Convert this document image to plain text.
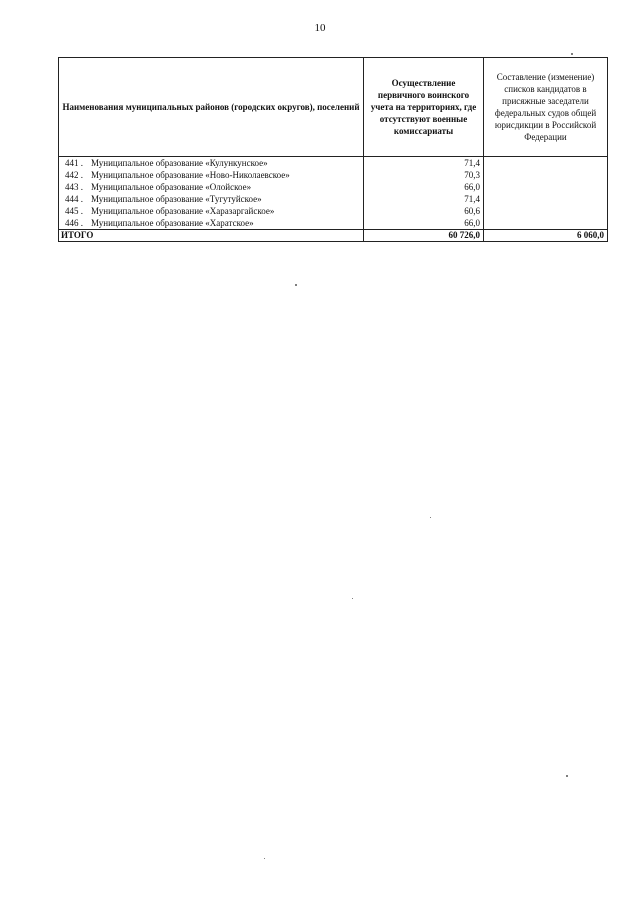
10
Наименования муниципальных районов (городских округов), поселений	Осуществление первичного воинского учета на территориях, где отсутствуют военные комиссариаты	Составление (изменение) списков кандидатов в присяжные заседатели федеральных судов общей юрисдикции в Российской Федерации
441 . Муниципальное образование «Кулункунское»	71,4	
442 . Муниципальное образование «Ново-Николаевское»	70,3	
443 . Муниципальное образование «Олойское»	66,0	
444 . Муниципальное образование «Тугутуйское»	71,4	
445 . Муниципальное образование «Харазаргайское»	60,6	
446 . Муниципальное образование «Харатское»	66,0	
ИТОГО	60 726,0	6 060,0
